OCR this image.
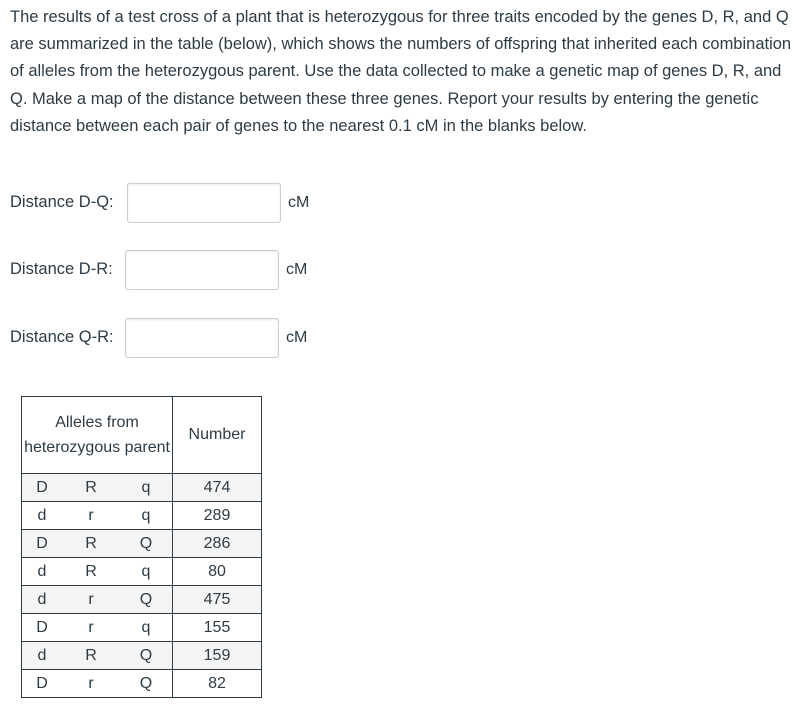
The results of a test cross of a plant that is heterozygous for three traits encoded by the genes D, R, and Q are summarized in the table (below), which shows the numbers of offspring that inherited each combination of alleles from the heterozygous parent. Use the data collected to make a genetic map of genes D, R, and Q. Make a map of the distance between these three genes. Report your results by entering the genetic distance between each pair of genes to the nearest 0.1 cM in the blanks below.

Distance D-Q:	cM
Distance D-R:	cM
Distance Q-R:	cM
Alleles from heterozygous parent	Number
D R q	474
d r q	289
D R Q	286
d R q	80
d r Q	475
D r q	155
d R Q	159
D r Q	82
